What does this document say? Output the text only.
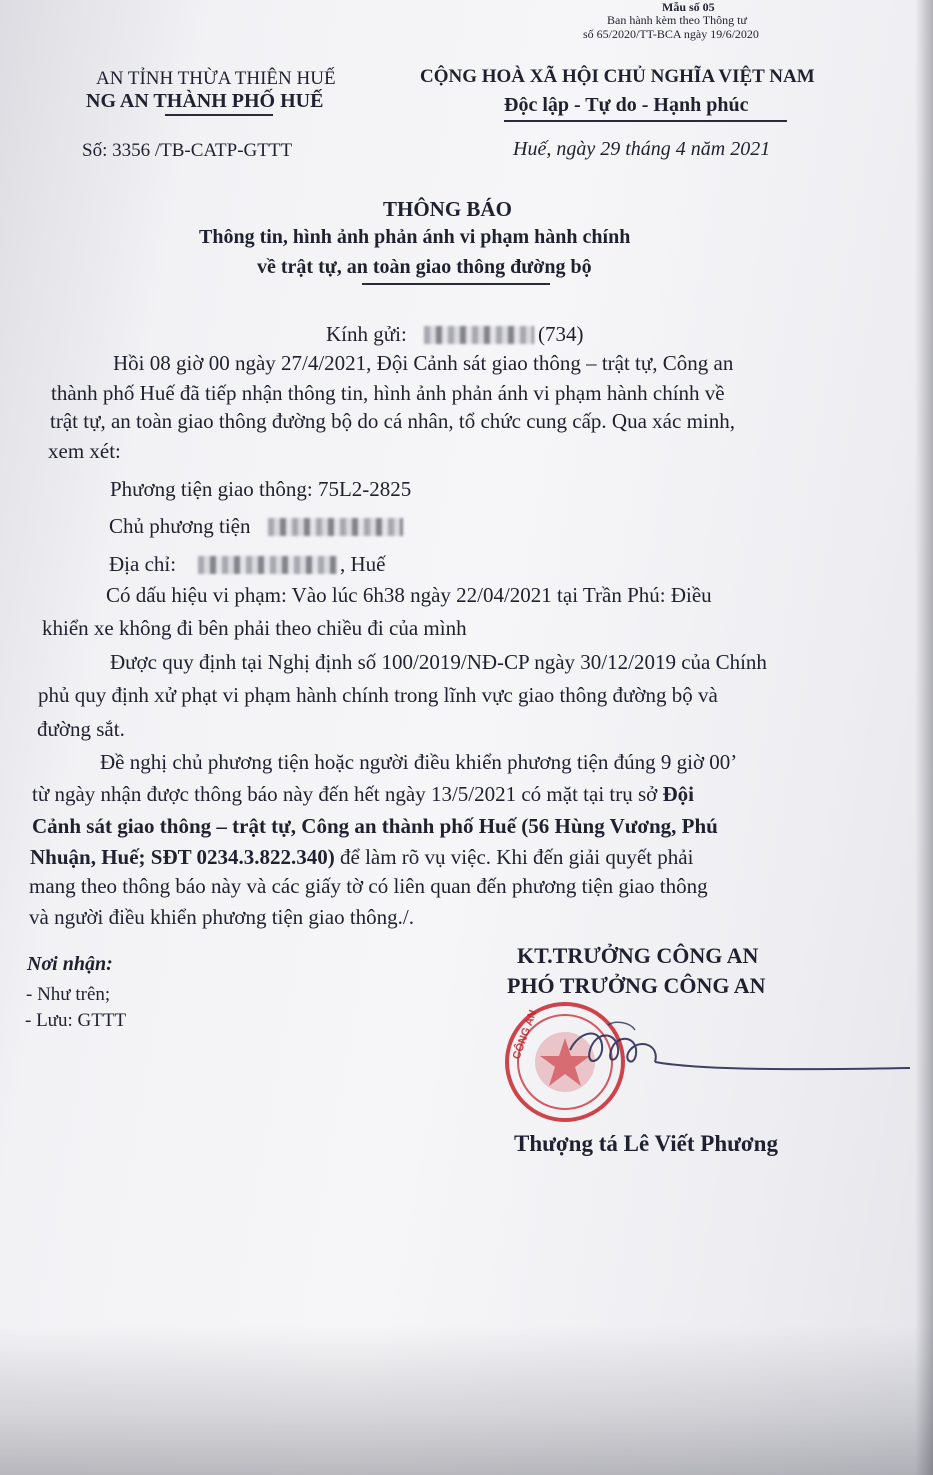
Mẫu số 05
Ban hành kèm theo Thông tư
số 65/2020/TT-BCA ngày 19/6/2020
AN TỈNH THỪA THIÊN HUẾ
NG AN THÀNH PHỐ HUẾ
CỘNG HOÀ XÃ HỘI CHỦ NGHĨA VIỆT NAM
Độc lập - Tự do - Hạnh phúc
Số: 3356 /TB-CATP-GTTT	Huế, ngày 29 tháng 4 năm 2021
THÔNG BÁO
Thông tin, hình ảnh phản ánh vi phạm hành chính
về trật tự, an toàn giao thông đường bộ
Kính gửi:	(734)
Hồi 08 giờ 00 ngày 27/4/2021, Đội Cảnh sát giao thông – trật tự, Công an
thành phố Huế đã tiếp nhận thông tin, hình ảnh phản ánh vi phạm hành chính về
trật tự, an toàn giao thông đường bộ do cá nhân, tổ chức cung cấp. Qua xác minh,
xem xét:
Phương tiện giao thông: 75L2-2825
Chủ phương tiện
Địa chỉ:	, Huế
Có dấu hiệu vi phạm: Vào lúc 6h38 ngày 22/04/2021 tại Trần Phú: Điều
khiển xe không đi bên phải theo chiều đi của mình
Được quy định tại Nghị định số 100/2019/NĐ-CP ngày 30/12/2019 của Chính
phủ quy định xử phạt vi phạm hành chính trong lĩnh vực giao thông đường bộ và
đường sắt.
Đề nghị chủ phương tiện hoặc người điều khiển phương tiện đúng 9 giờ 00’
từ ngày nhận được thông báo này đến hết ngày 13/5/2021 có mặt tại trụ sở Đội
Cảnh sát giao thông – trật tự, Công an thành phố Huế (56 Hùng Vương, Phú
Nhuận, Huế; SĐT 0234.3.822.340) để làm rõ vụ việc. Khi đến giải quyết phải
mang theo thông báo này và các giấy tờ có liên quan đến phương tiện giao thông
và người điều khiển phương tiện giao thông./.
Nơi nhận:
- Như trên;
- Lưu: GTTT	CÔNG AN
KT.TRƯỞNG CÔNG AN
PHÓ TRƯỞNG CÔNG AN
Thượng tá Lê Viết Phương
